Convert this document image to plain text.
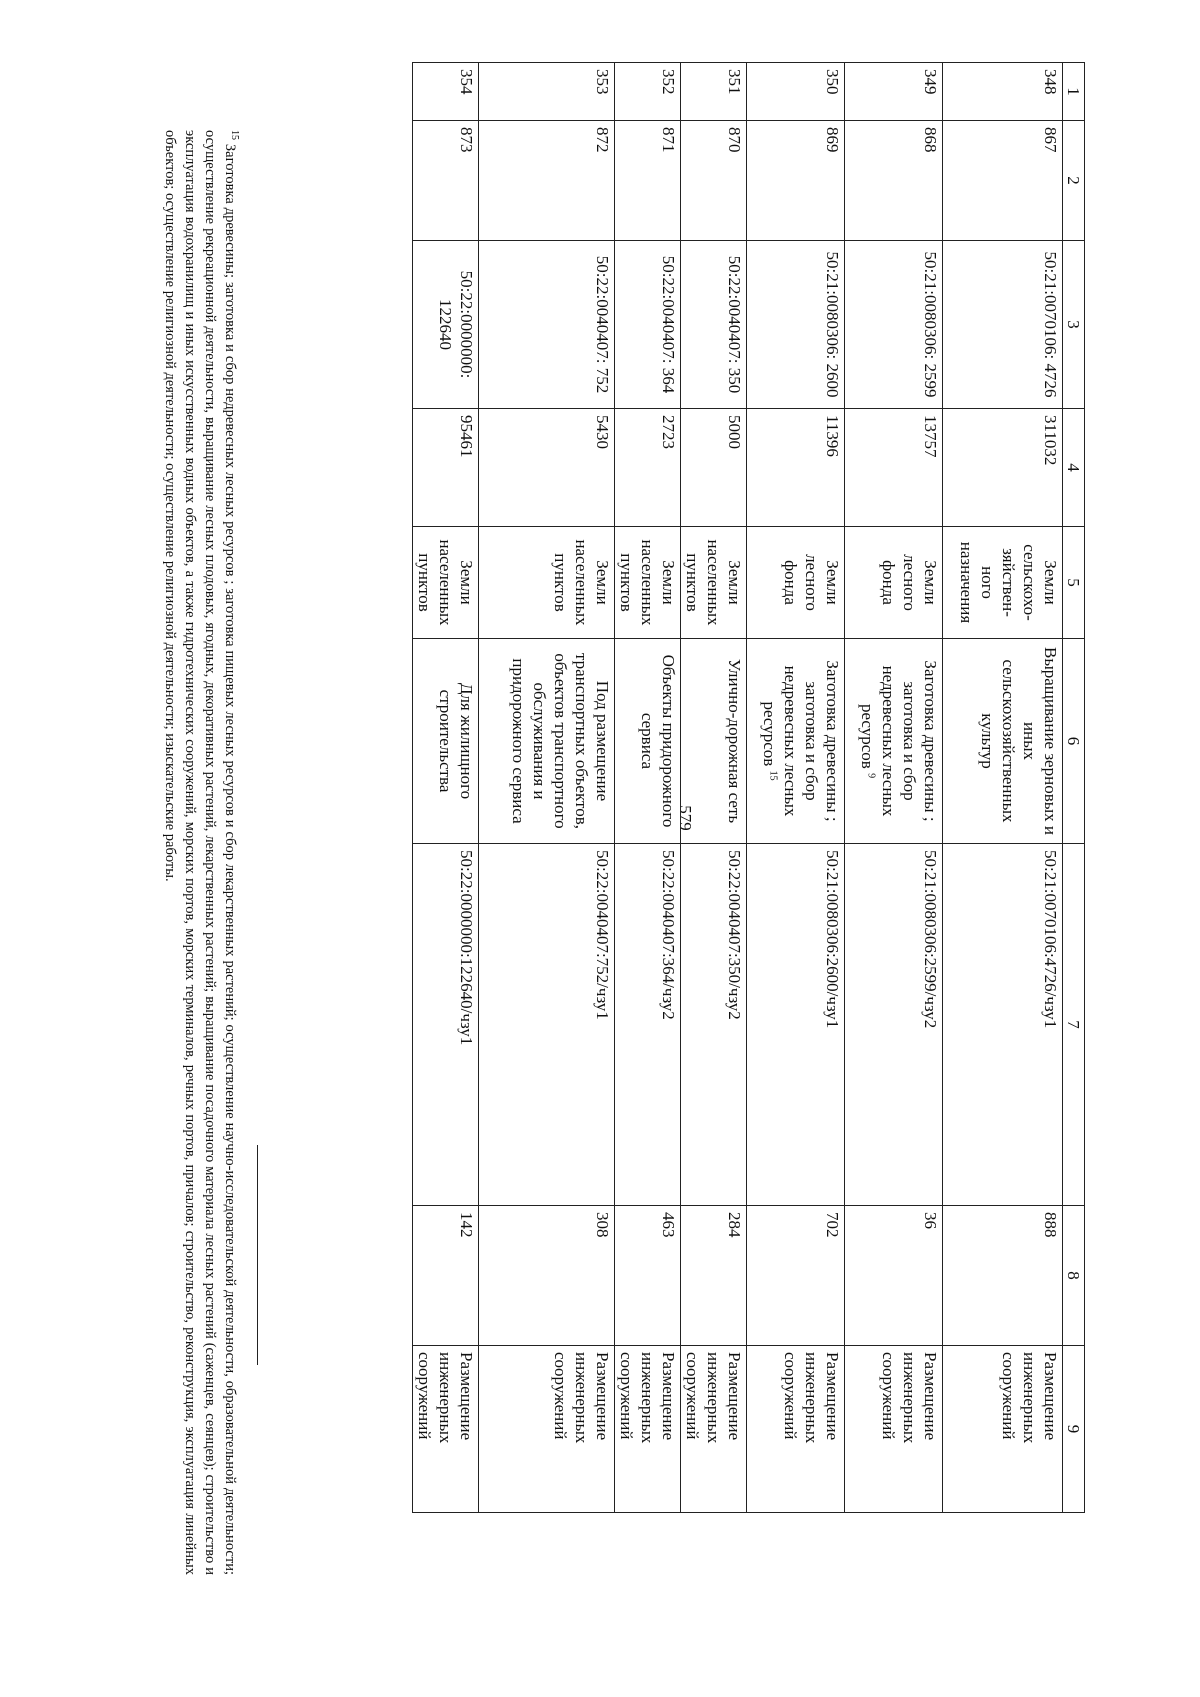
579
1	2	3	4	5	6	7	8	9
348	867	50:21:0070106: 4726	311032	Земли сельскохо-зяйствен-ного назначения	Выращивание зерновых и иных сельскохозяйственных культур	50:21:0070106:4726/чзу1	888	Размещение инженерных сооружений
349	868	50:21:0080306: 2599	13757	Земли лесного фонда	Заготовка древесины ; заготовка и сбор недревесных лесных ресурсов $^9$	50:21:0080306:2599/чзу2	36	Размещение инженерных сооружений
350	869	50:21:0080306: 2600	11396	Земли лесного фонда	Заготовка древесины ; заготовка и сбор недревесных лесных ресурсов $^{15}$	50:21:0080306:2600/чзу1	702	Размещение инженерных сооружений
351	870	50:22:0040407: 350	5000	Земли населенных пунктов	Улично-дорожная сеть	50:22:0040407:350/чзу2	284	Размещение инженерных сооружений
352	871	50:22:0040407: 364	2723	Земли населенных пунктов	Объекты придорожного сервиса	50:22:0040407:364/чзу2	463	Размещение инженерных сооружений
353	872	50:22:0040407: 752	5430	Земли населенных пунктов	Под размещение транспортных объектов, объектов транспортного обслуживания и придорожного сервиса	50:22:0040407:752/чзу1	308	Размещение инженерных сооружений
354	873	50:22:0000000: 122640	95461	Земли населенных пунктов	Для жилищного строительства	50:22:0000000:122640/чзу1	142	Размещение инженерных сооружений
$^{15}$ Заготовка древесины; заготовка и сбор недревесных лесных ресурсов ; заготовка пищевых лесных ресурсов и сбор лекарственных растений; осуществление научно-исследовательской деятельности, образовательной деятельности; осуществление рекреационной деятельности, выращивание лесных плодовых, ягодных, декоративных растений, лекарственных растений; выращивание посадочного материала лесных растений (саженцев, сеянцев); строительство и эксплуатация водохранилищ и иных искусственных водных объектов, а также гидротехнических сооружений, морских портов, морских терминалов, речных портов, причалов; строительство, реконструкция, эксплуатация линейных объектов; осуществление религиозной деятельности; осуществление религиозной деятельности; изыскательские работы.
